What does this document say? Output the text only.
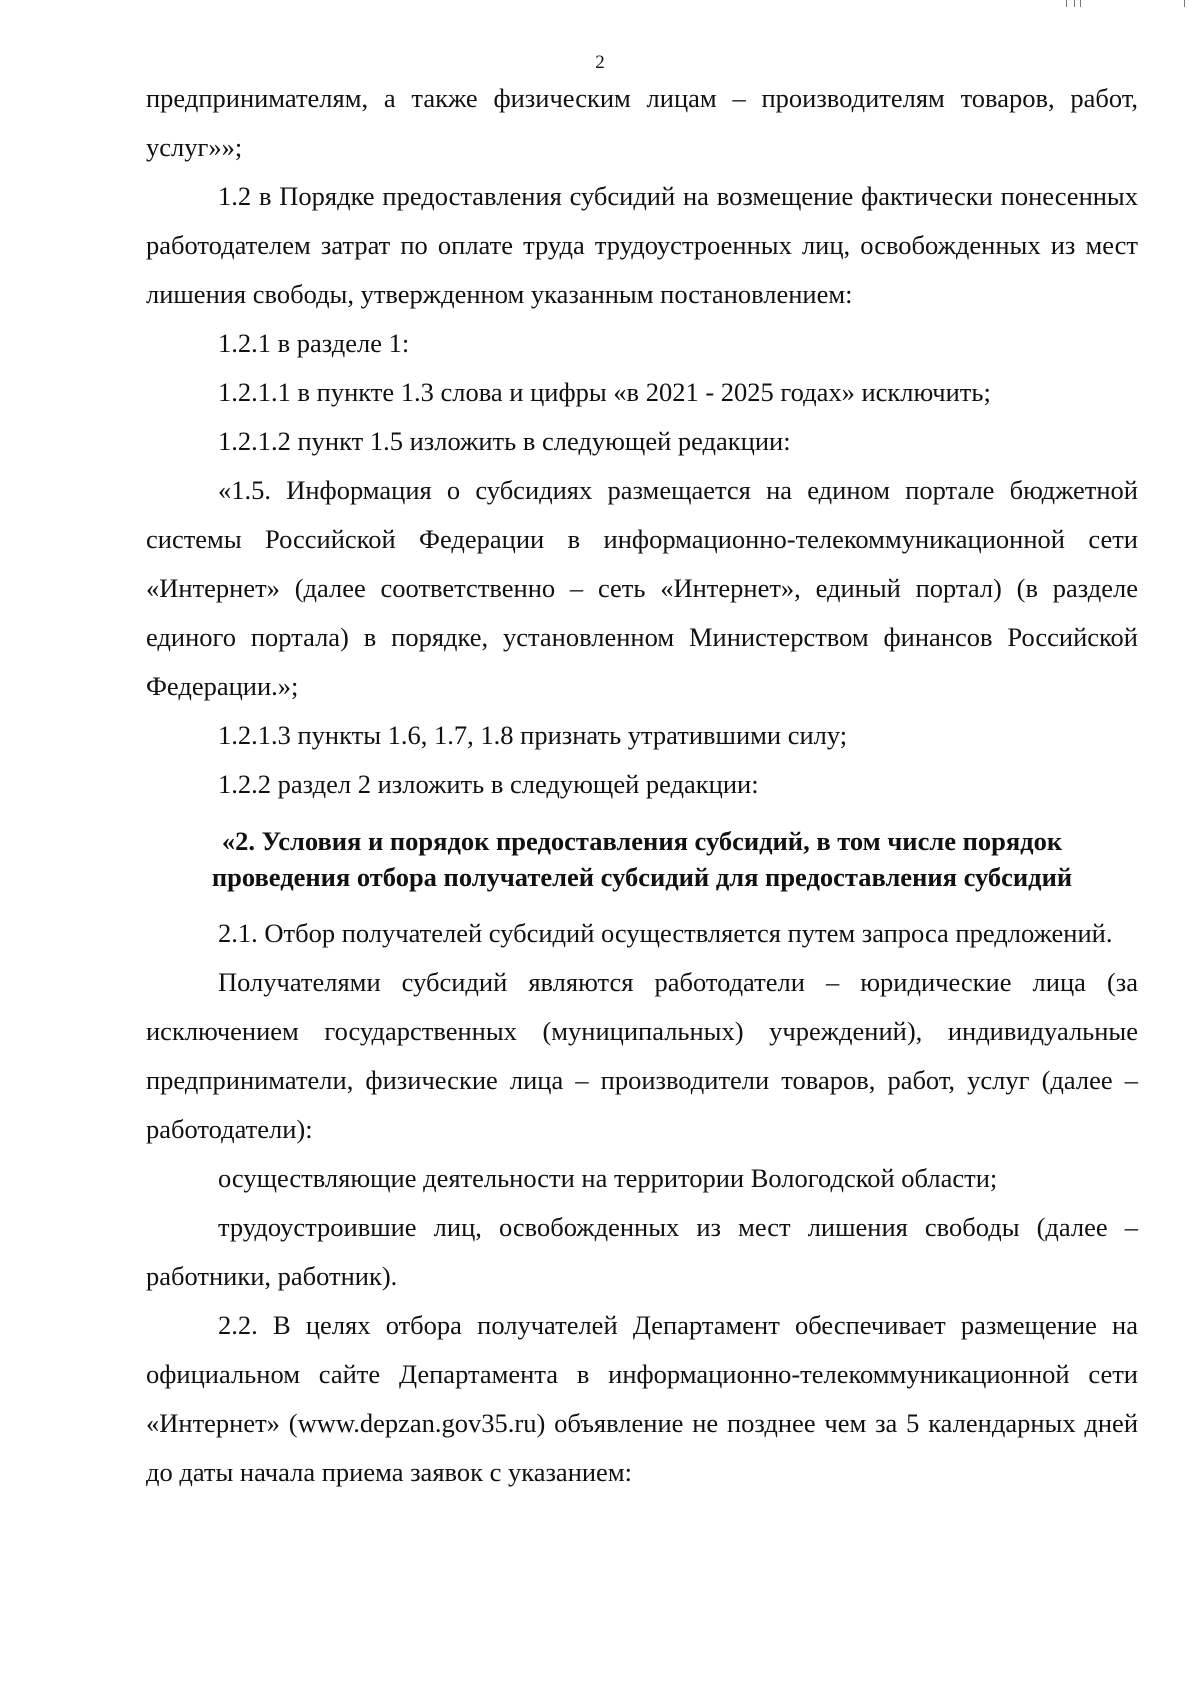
2

предпринимателям, а также физическим лицам – производителям товаров, работ, услуг»»;

1.2 в Порядке предоставления субсидий на возмещение фактически понесенных работодателем затрат по оплате труда трудоустроенных лиц, освобожденных из мест лишения свободы, утвержденном указанным постановлением:

1.2.1 в разделе 1:

1.2.1.1 в пункте 1.3 слова и цифры «в 2021 - 2025 годах» исключить;

1.2.1.2 пункт 1.5 изложить в следующей редакции:

«1.5. Информация о субсидиях размещается на едином портале бюджетной системы Российской Федерации в информационно-телекоммуникационной сети «Интернет» (далее соответственно – сеть «Интернет», единый портал) (в разделе единого портала) в порядке, установленном Министерством финансов Российской Федерации.»;

1.2.1.3 пункты 1.6, 1.7, 1.8 признать утратившими силу;

1.2.2 раздел 2 изложить в следующей редакции:

«2. Условия и порядок предоставления субсидий, в том числе порядок
проведения отбора получателей субсидий для предоставления субсидий

2.1. Отбор получателей субсидий осуществляется путем запроса предложений.

Получателями субсидий являются работодатели – юридические лица (за исключением государственных (муниципальных) учреждений), индивидуальные предприниматели, физические лица – производители товаров, работ, услуг (далее – работодатели):

осуществляющие деятельности на территории Вологодской области;

трудоустроившие лиц, освобожденных из мест лишения свободы (далее – работники, работник).

2.2. В целях отбора получателей Департамент обеспечивает размещение на официальном сайте Департамента в информационно-телекоммуникационной сети «Интернет» (www.depzan.gov35.ru) объявление не позднее чем за 5 календарных дней до даты начала приема заявок с указанием:
